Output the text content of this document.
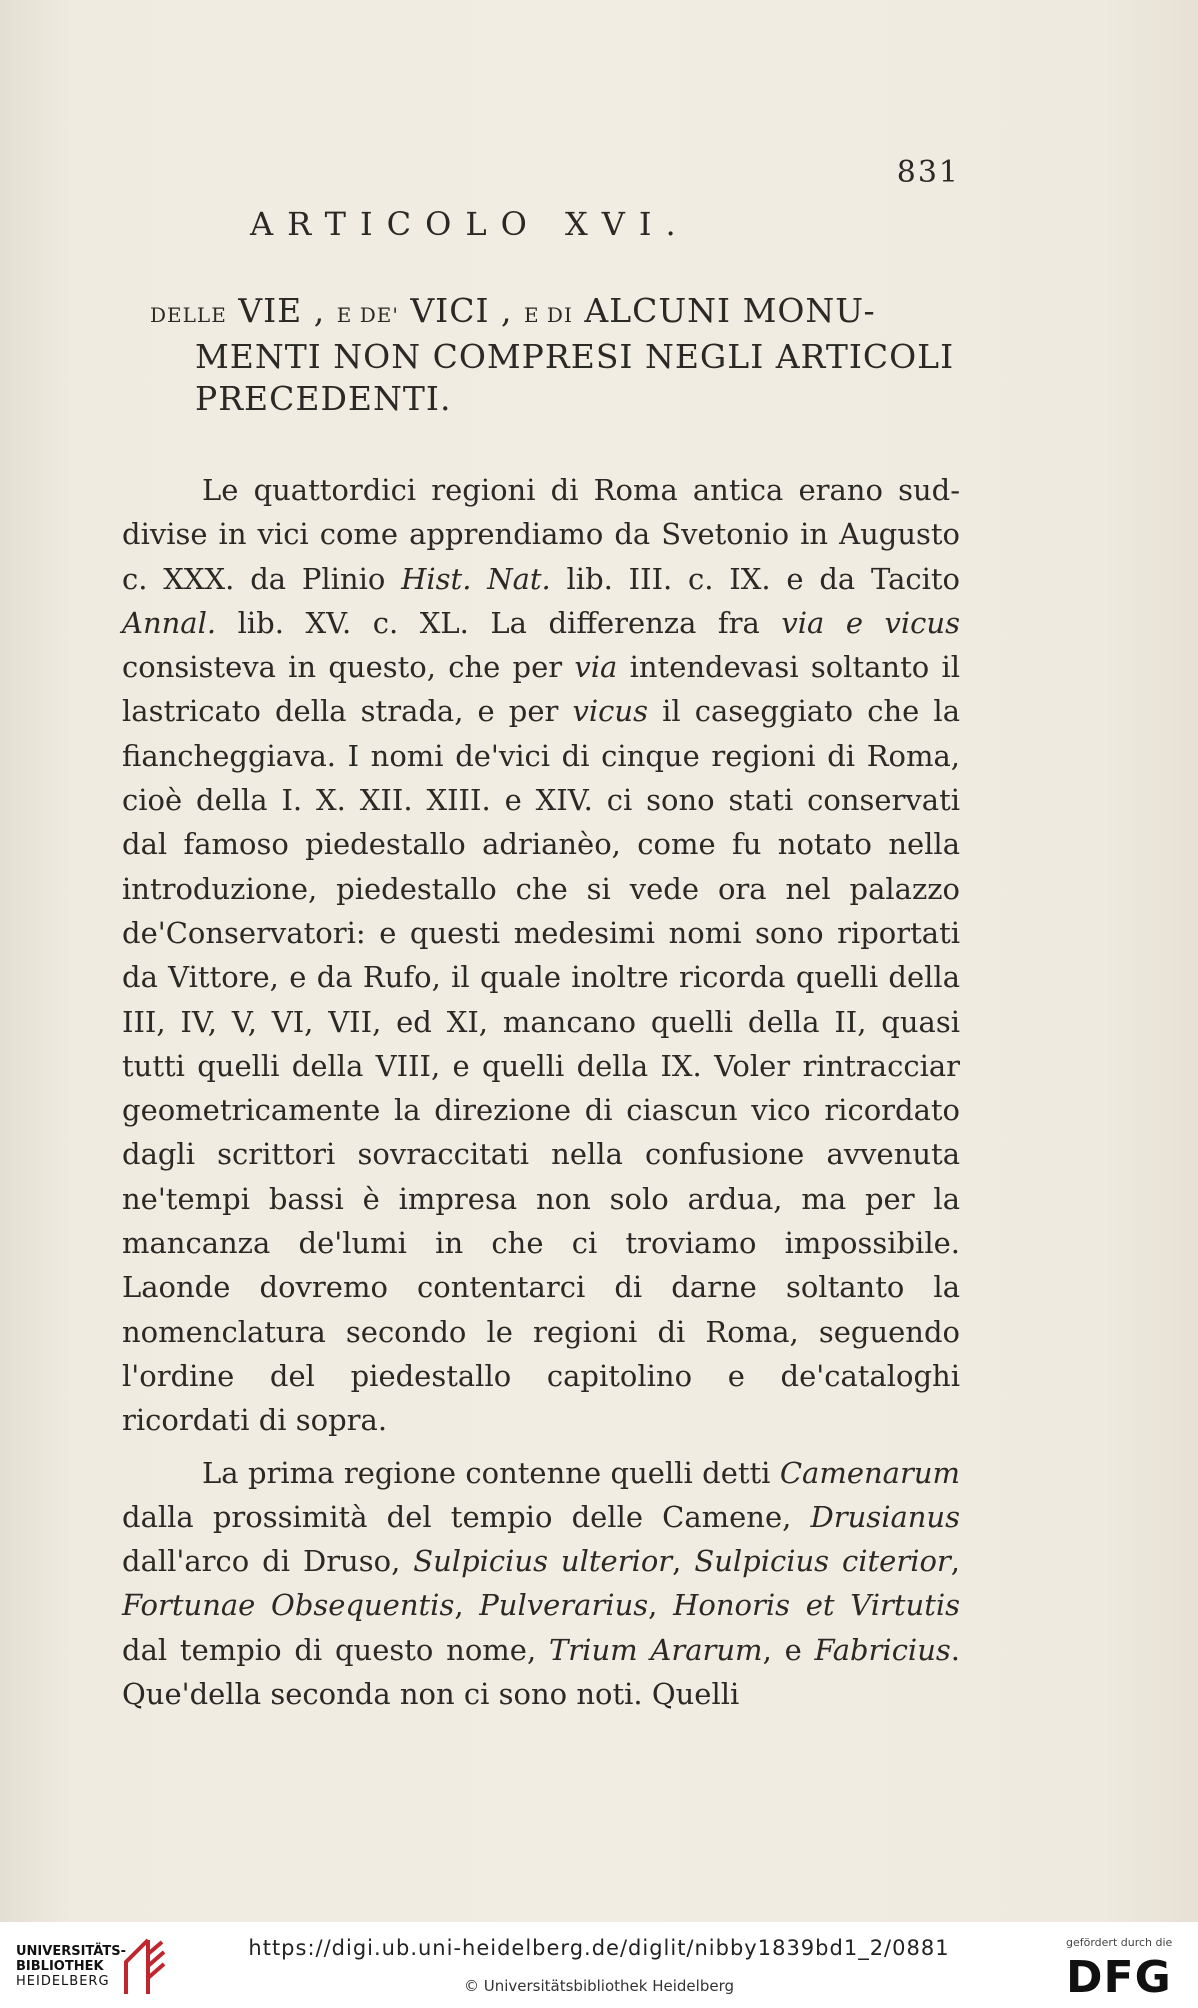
831
ARTICOLO XVI.
DELLE VIE , E DE' VICI , E DI ALCUNI MONU-
MENTI NON COMPRESI NEGLI ARTICOLI
PRECEDENTI.

Le quattordici regioni di Roma antica erano sud-divise in vici come apprendiamo da Svetonio in Augusto c. XXX. da Plinio Hist. Nat. lib. III. c. IX. e da Tacito Annal. lib. XV. c. XL. La differenza fra via e vicus consisteva in questo, che per via intendevasi soltanto il lastricato della strada, e per vicus il caseggiato che la fiancheggiava. I nomi de'vici di cinque regioni di Roma, cioè della I. X. XII. XIII. e XIV. ci sono stati conservati dal famoso piedestallo adrianèo, come fu notato nella introduzione, piedestallo che si vede ora nel palazzo de'Conservatori: e questi medesimi nomi sono riportati da Vittore, e da Rufo, il quale inoltre ricorda quelli della III, IV, V, VI, VII, ed XI, mancano quelli della II, quasi tutti quelli della VIII, e quelli della IX. Voler rintracciar geometricamente la direzione di ciascun vico ricordato dagli scrittori sovraccitati nella confusione avvenuta ne'tempi bassi è impresa non solo ardua, ma per la mancanza de'lumi in che ci troviamo impossibile. Laonde dovremo contentarci di darne soltanto la nomenclatura secondo le regioni di Roma, seguendo l'ordine del piedestallo capitolino e de'cataloghi ricordati di sopra.

La prima regione contenne quelli detti Camenarum dalla prossimità del tempio delle Camene, Drusianus dall'arco di Druso, Sulpicius ulterior, Sulpicius citerior, Fortunae Obsequentis, Pulverarius, Honoris et Virtutis dal tempio di questo nome, Trium Ararum, e Fabricius. Que'della seconda non ci sono noti. Quelli

UNIVERSITÄTS-
BIBLIOTHEK
HEIDELBERG
https://digi.ub.uni-heidelberg.de/diglit/nibby1839bd1_2/0881
© Universitätsbibliothek Heidelberg
gefördert durch die
DFG
